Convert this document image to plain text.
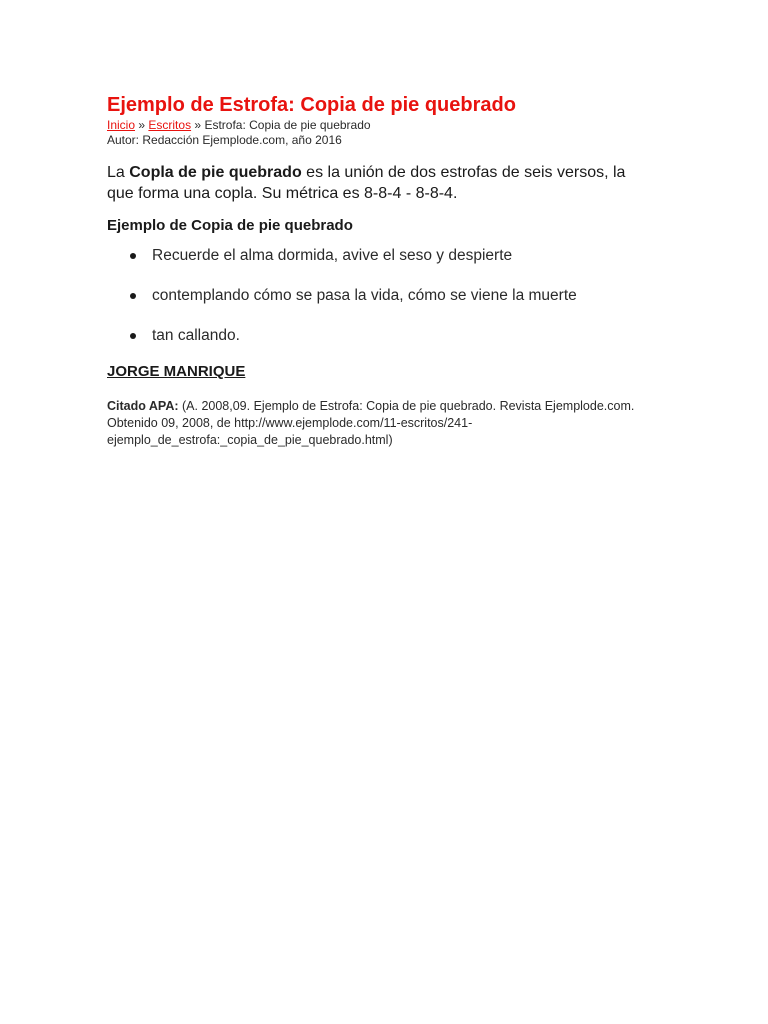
Ejemplo de Estrofa: Copia de pie quebrado
Inicio » Escritos » Estrofa: Copia de pie quebrado
Autor: Redacción Ejemplode.com, año 2016

La Copla de pie quebrado es la unión de dos estrofas de seis versos, la que forma una copla. Su métrica es 8-8-4 - 8-8-4.

Ejemplo de Copia de pie quebrado
Recuerde el alma dormida, avive el seso y despierte
contemplando cómo se pasa la vida, cómo se viene la muerte
tan callando.
JORGE MANRIQUE

Citado APA: (A. 2008,09. Ejemplo de Estrofa: Copia de pie quebrado. Revista Ejemplode.com. Obtenido 09, 2008, de http://www.ejemplode.com/11-escritos/241-ejemplo_de_estrofa:_copia_de_pie_quebrado.html)
